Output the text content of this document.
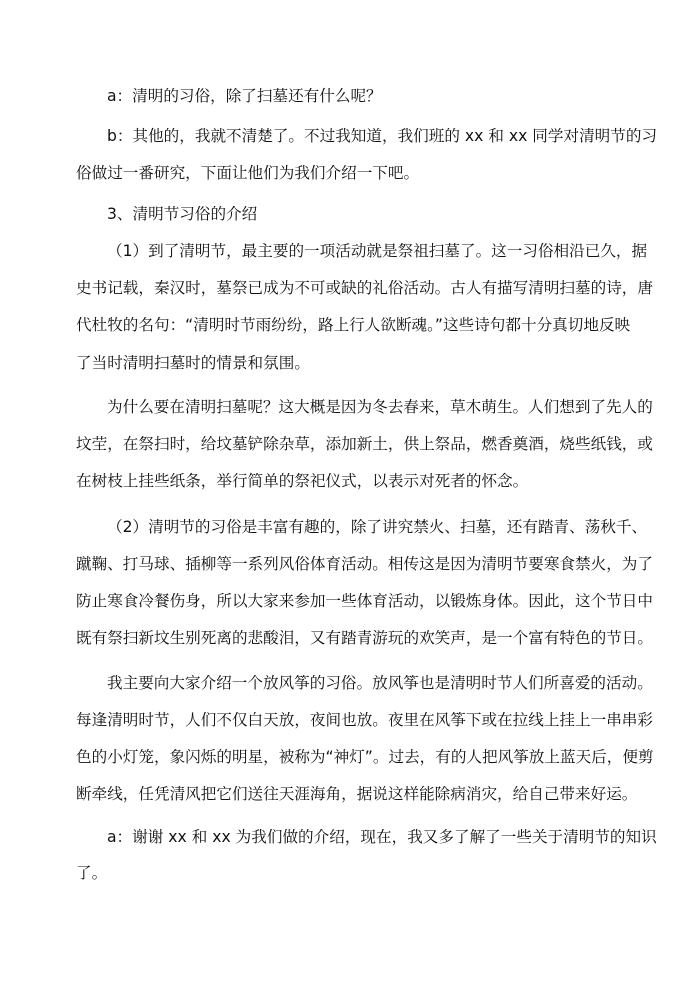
a：清明的习俗，除了扫墓还有什么呢？
b：其他的，我就不清楚了。不过我知道，我们班的 xx 和 xx 同学对清明节的习
俗做过一番研究，下面让他们为我们介绍一下吧。
3、清明节习俗的介绍
（1）到了清明节，最主要的一项活动就是祭祖扫墓了。这一习俗相沿已久，据
史书记载，秦汉时，墓祭已成为不可或缺的礼俗活动。古人有描写清明扫墓的诗，唐
代杜牧的名句：“清明时节雨纷纷，路上行人欲断魂。”这些诗句都十分真切地反映
了当时清明扫墓时的情景和氛围。
为什么要在清明扫墓呢？这大概是因为冬去春来，草木萌生。人们想到了先人的
坟茔，在祭扫时，给坟墓铲除杂草，添加新土，供上祭品，燃香奠酒，烧些纸钱，或
在树枝上挂些纸条，举行简单的祭祀仪式，以表示对死者的怀念。
（2）清明节的习俗是丰富有趣的，除了讲究禁火、扫墓，还有踏青、荡秋千、
蹴鞠、打马球、插柳等一系列风俗体育活动。相传这是因为清明节要寒食禁火，为了
防止寒食冷餐伤身，所以大家来参加一些体育活动，以锻炼身体。因此，这个节日中
既有祭扫新坟生别死离的悲酸泪，又有踏青游玩的欢笑声，是一个富有特色的节日。
我主要向大家介绍一个放风筝的习俗。放风筝也是清明时节人们所喜爱的活动。
每逢清明时节，人们不仅白天放，夜间也放。夜里在风筝下或在拉线上挂上一串串彩
色的小灯笼，象闪烁的明星，被称为“神灯”。过去，有的人把风筝放上蓝天后，便剪
断牵线，任凭清风把它们送往天涯海角，据说这样能除病消灾，给自己带来好运。
a：谢谢 xx 和 xx 为我们做的介绍，现在，我又多了解了一些关于清明节的知识
了。
